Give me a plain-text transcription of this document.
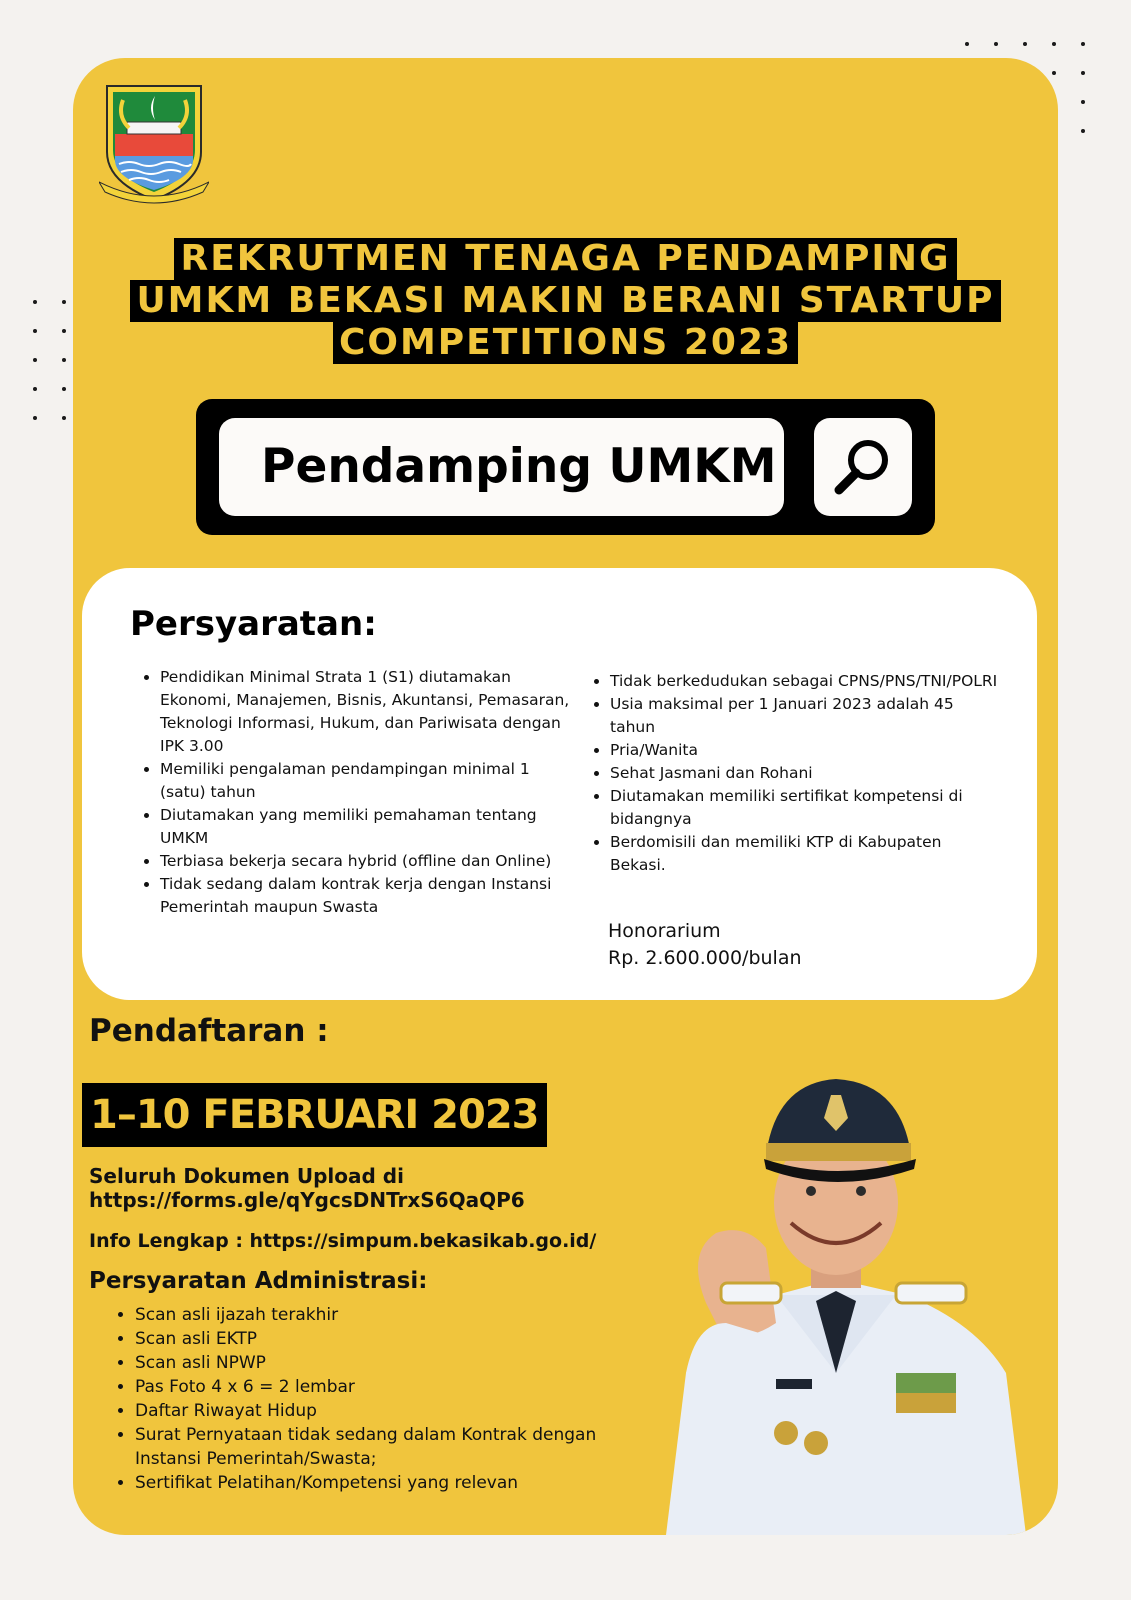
REKRUTMEN TENAGA PENDAMPING
UMKM BEKASI MAKIN BERANI STARTUP
COMPETITIONS 2023
Pendamping UMKM
Persyaratan:
• Pendidikan Minimal Strata 1 (S1) diutamakan Ekonomi, Manajemen, Bisnis, Akuntansi, Pemasaran, Teknologi Informasi, Hukum, dan Pariwisata dengan IPK 3.00
• Memiliki pengalaman pendampingan minimal 1 (satu) tahun
• Diutamakan yang memiliki pemahaman tentang UMKM
• Terbiasa bekerja secara hybrid (offline dan Online)
• Tidak sedang dalam kontrak kerja dengan Instansi Pemerintah maupun Swasta
• Tidak berkedudukan sebagai CPNS/PNS/TNI/POLRI
• Usia maksimal per 1 Januari 2023 adalah 45 tahun
• Pria/Wanita
• Sehat Jasmani dan Rohani
• Diutamakan memiliki sertifikat kompetensi di bidangnya
• Berdomisili dan memiliki KTP di Kabupaten Bekasi.
Honorarium
Rp. 2.600.000/bulan
Pendaftaran :
1–10 FEBRUARI 2023
Seluruh Dokumen Upload di
https://forms.gle/qYgcsDNTrxS6QaQP6
Info Lengkap : https://simpum.bekasikab.go.id/
Persyaratan Administrasi:
• Scan asli ijazah terakhir
• Scan asli EKTP
• Scan asli NPWP
• Pas Foto 4 x 6 = 2 lembar
• Daftar Riwayat Hidup
• Surat Pernyataan tidak sedang dalam Kontrak dengan Instansi Pemerintah/Swasta;
• Sertifikat Pelatihan/Kompetensi yang relevan
